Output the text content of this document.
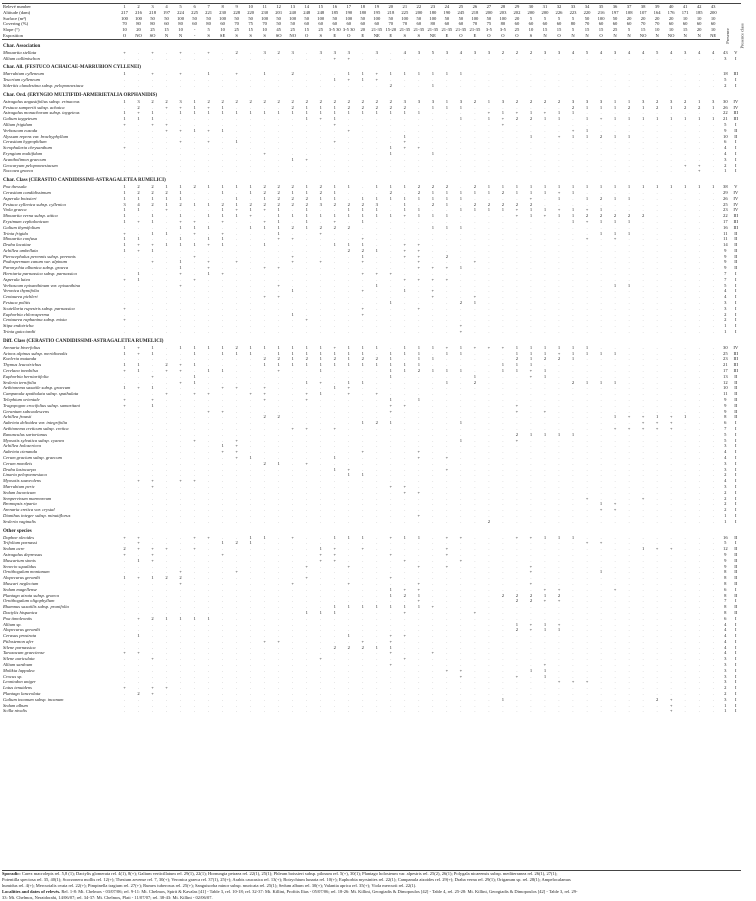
Relevé number	1	2	3	4	5	6	7	8	9	10	11	12	13	14	15	16	17	18	19	20	21	22	23	24	25	26	27	28	29	30	31	32	33	34	35	36	37	38	39	40	41	42	43	Presence	Presence class
Altitude (dam)	217	216	218	197	224	225	221	230	228	220	230	201	240	248	248	185	190	180	195	218	225	200	180	190	245	218	200	203	202	200	200	226	223	220	216	197	108	107	164	176	171	185	200		
Surface (m²)	100	100	50	50	100	50	50	100	50	50	100	50	100	50	100	50	100	50	100	50	100	50	100	50	50	100	50	100	20	5	5	5	5	50	100	50	20	20	20	20	10	10	10		
Covering (%)	70	80	80	60	80	60	80	60	70	75	70	50	50	60	60	60	60	60	60	70	70	60	80	60	60	70	75	80	60	60	60	60	80	70	60	60	60	70	70	60	60	60	60		
Slope (°)	10	20	25	15	10	-	5	10	25	15	10	45	25	15	25	3-5 30	3-5 30	20	21-35	15-20	21-35	21-35	21-35	21-35	21-35	21-35	3-5	3-5	25	10	15	15	5	15	15	25	5	15	10	10	15	20	10		
Exposition	O	NO	SO	N	N	-	S	SE	S	S	S	SO	NO	O	S	E	O	E	NE	E	S	S	NE	E	O	E	O	O	O	S	N	O	N	N	O	N	N	NO	N	NO	N	N	NE		

Char. Association																																													
Minuartia stellata	+	.	+	.	+	.	+	.	2	.	3	2	3	.	3	3	3	.	3	.	4	3	5	3	4	3	3	2	2	2	3	3	4	5	4	3	4	4	5	4	3	4	4	43	V
Allium callimischon	.	.	.	.	.	.	.	.	.	.	.	.	.	.	.	+	+	.	.	.	.	.	.	.	.	.	.	.	.	.	.	.	.	.	.	.	.	.	.	.	.	.	.	3	I

Char. All. (FESTUCO ACHAICAE-MARRUBION CYLLENEI)																																													
Marrubium cylleneum	1	.	+	.	+	.	1	.	+	.	1	.	2	.	.	.	1	1	+	1	1	1	1	1	1	.	.	.	.	.	.	.	.	.	.	.	.	.	.	.	.	.	.	18	III
Teucrium cylleneum	.	.	.	.	.	.	.	.	.	.	.	.	.	.	.	1	+	1	+	.	.	.	.	.	.	.	.	.	.	.	.	.	.	.	.	.	.	.	.	.	.	.	.	5	I
Sideritis clandestina subsp. peloponnesiaca	.	.	.	.	.	.	.	.	.	.	.	.	.	.	.	.	.	.	.	2	.	.	1	.	.	.	.	.	.	.	.	.	.	.	.	.	.	.	.	.	.	.	.	2	I

Char. Ord. (ERYNGIO MULTIFIDI-ARMERIETALIA ORPHANIDIS)																																													
Astragalus angustifolius subsp. erinaceus	1	3	2	2	3	1	2	2	2	2	2	2	2	2	2	2	2	2	2	2	3	3	3	1	3	2	1	3	2	2	2	2	3	3	3	1	1	3	2	3	2	1	3	30	IV
Festuca sumpertii subsp. achaica	.	2	.	+	+	1	+	1	.	.	.	.	2	1	1	1	2	2	2	2	2	.	1	1	1	.	.	.	.	.	.	.	2	1	1	1	2	1	2	1	2	2	1	26	IV
Astragalus monachorum subsp. taygeteus	1	+	1	.	1	1	1	1	1	1	1	1	1	1	1	1	1	1	1	1	1	1	.	.	.	.	+	1	+	1	+	1	1	.	.	.	.	.	.	.	.	.	.	22	III
Galium taygeteum	1	1	1	.	.	.	.	.	.	.	.	.	.	1	+	1	.	.	.	.	.	.	.	.	1	.	1	+	2	2	1	1	.	1	+	1	1	1	1	1	1	1	1	21	III
Allium frigidum	+	.	+	+	.	.	.	.	.	.	.	.	.	.	.	+	.	.	.	.	.	.	.	.	.	.	.	+	.	.	.	.	.	.	.	.	.	.	.	.	.	.	.	5	I
Verbascum eusoda	.	.	.	+	+	1	+	1	.	.	.	.	.	.	.	.	+	.	.	.	.	.	.	.	.	.	.	.	.	.	.	.	+	1	.	.	.	.	.	.	.	.	.	9	II
Alyssum repens var. brachyphyllum	.	.	.	.	.	.	.	.	.	.	.	.	.	.	.	.	.	.	.	.	1	.	.	.	.	.	.	.	.	1	.	+	1	1	2	1	1	.	.	.	.	.	.	10	II
Cerastium hygrophilum	.	.	.	.	+	.	+	.	1	.	.	.	.	.	.	+	.	.	.	.	+	.	.	.	.	.	.	.	.	.	.	.	.	.	.	.	.	.	.	.	.	.	.	6	I
Scrophularia chrysanthum	+	.	.	.	.	.	.	.	.	.	.	.	.	.	.	.	.	.	.	1	+	+	.	.	.	.	.	.	.	.	.	.	.	.	.	.	.	.	.	.	.	.	.	4	I
Eryngium multifidum	.	.	.	.	.	.	.	.	.	.	+	.	.	.	.	.	.	.	.	1	.	.	1	.	.	.	.	.	.	.	.	.	.	.	.	.	.	.	.	.	.	.	.	4	I
Acantholimon graecum	.	.	.	.	.	.	.	.	.	.	.	.	1	+	.	.	.	.	.	.	.	.	.	.	.	.	.	.	.	.	.	.	.	.	.	.	.	.	.	.	.	.	.	3	I
Geocaryum peloponnesiacum	.	.	.	.	.	.	.	.	.	.	.	.	.	.	.	.	.	.	.	.	.	.	.	.	.	.	.	.	.	.	.	.	.	.	.	.	.	.	.	.	+	+	.	2	I
Noccaea graeca	.	.	.	.	.	.	.	.	.	.	.	.	.	.	.	.	.	.	.	.	.	.	.	.	.	.	.	.	.	.	.	.	.	.	.	.	.	.	.	.	.	+	.	1	I

Char. Class (CERASTIO CANDIDISSIMI-ASTRAGALETEA RUMELICI)																																													
Poa thessala	1	2	2	1	1	2	1	1	1	1	2	2	2	1	2	1	1	.	1	1	1	2	2	2	.	2	1	1	1	1	1	1	1	1	1	1	1	1	1	1	1	1	1	38	V
Cerastium candidissimum	1	2	2	2	1	.	.	1	.	1	2	2	1	1	2	1	.	.	.	2	.	2	1	1	1	1	1	2	1	1	1	+	1	.	.	.	.	.	.	.	.	.	.	29	IV
Asperula boissieri	1	1	1	1	1	.	.	.	1	.	1	2	2	2	1	1	.	1	1	1	1	1	1	1	1	.	.	.	.	+	.	1	.	1	2	1	1	.	.	.	.	.	.	26	IV
Festuca cyllenica subsp. cyllenica	3	4	2	1	2	1	1	2	1	2	2	2	2	2	3	2	2	2	3	.	1	.	2	1	.	2	2	2	2	2	.	.	.	.	.	.	.	.	.	.	.	.	.	25	IV
Viola graeca	1	1	.	+	.	.	.	1	+	1	+	1	.	1	.	.	1	1	1	.	1	1	.	.	1	1	1	1	+	1	1	+	1	+	1	.	.	.	.	.	.	.	.	23	IV
Minuartia verna subsp. attica	1	.	1	.	1	.	1	1	1	+	.	1	1	1	1	1	1	1	1	1	+	1	1	1	.	.	.	.	+	1	+	1	1	2	2	2	2	2	.	.	.	.	.	22	III
Erysimum cephalonicum	1	+	1	.	+	+	.	+	.	.	+	1	.	1	.	+	.	1	.	.	.	.	.	.	.	.	.	.	.	.	.	.	1	+	1	1	1	.	.	.	.	.	.	17	III
Galium thymifolium	.	.	.	.	1	1	1	.	.	1	1	1	2	1	2	2	2	.	.	.	.	.	1	1	1	.	.	.	.	.	.	.	.	.	.	.	.	.	.	.	.	.	.	16	III
Trinia frigida	+	.	1	1	.	+	.	+	.	.	.	1	.	.	+	.	.	.	.	.	.	.	.	.	.	.	.	.	.	.	.	.	.	.	1	1	1	.	.	.	.	.	.	11	II
Minuartia confusa	1	1	.	.	1	.	1	1	.	.	.	+	+	.	.	.	.	+	.	.	.	.	.	.	.	.	.	.	.	.	.	.	.	+	.	+	.	.	.	.	.	.	.	11	II
Draba lacaitae	1	+	+	1	1	1	+	1	.	.	1	.	.	.	.	1	1	1	.	.	+	+	.	.	.	.	.	.	.	.	.	.	.	.	.	.	.	.	.	.	.	.	.	14	II
Achillea umbellata	1	+	1	.	.	.	.	.	.	.	.	.	.	.	.	.	2	2	1	.	+	+	.	.	.	.	.	.	.	.	.	.	.	.	.	.	.	.	.	.	.	.	.	9	II
Pterocephalus perennis subsp. perennis	.	.	.	.	.	+	.	.	.	.	.	.	+	.	.	.	.	1	.	.	+	+	.	2	.	.	.	.	.	.	.	.	.	.	.	.	.	.	.	.	.	.	.	9	II
Podospermum canum var. alpinum	.	.	+	.	1	.	+	.	+	.	.	.	+	.	+	.	.	+	.	.	.	+	.	.	.	+	.	.	.	.	.	.	.	.	.	.	.	.	.	.	.	.	.	9	II
Paronychia albanica subsp. graeca	.	.	.	.	1	.	+	.	.	.	+	+	.	.	.	.	.	.	.	.	.	+	+	+	1	.	.	.	.	.	.	.	.	.	.	.	.	.	.	.	.	.	.	9	II
Herniaria parnassica subsp. parnassica	.	1	.	.	+	.	1	+	.	.	.	.	.	.	.	.	.	+	+	+	.	.	.	.	.	.	.	.	.	.	.	.	.	.	.	.	.	.	.	.	.	.	.	7	I
Asperula lutea	+	1	.	.	.	+	.	.	.	.	.	.	.	.	.	.	.	.	.	.	+	+	+	+	.	.	.	.	.	.	.	.	.	.	.	.	.	.	.	.	.	.	.	7	I
Verbascum epixanthinum var. epixanthina	.	.	.	.	+	.	.	.	.	.	.	+	.	.	.	.	.	.	1	.	.	.	.	.	.	.	.	.	.	.	.	.	.	.	.	1	1	.	.	.	.	.	.	5	I
Veronica thymifolia	.	.	.	.	.	.	.	.	.	.	.	.	1	.	.	.	.	+	.	.	1	.	+	.	.	.	.	.	.	.	.	.	.	.	.	.	.	.	.	.	.	.	.	4	I
Centaurea pichleri	.	.	.	.	.	.	.	.	.	.	+	+	.	.	.	.	.	.	.	.	.	.	+	.	.	+	.	.	.	.	.	.	.	.	.	.	.	.	.	.	.	.	.	4	I
Festuca politis	.	.	.	.	.	.	.	.	.	.	.	.	.	.	.	.	.	.	.	1	.	.	.	.	2	1	.	.	.	.	.	.	.	.	.	.	.	.	.	.	.	.	.	3	I
Scutellaria rupestris subsp. parnassica	+	.	.	.	.	.	.	.	.	.	.	.	.	.	.	.	.	+	.	.	.	+	.	.	.	.	.	.	.	.	.	.	.	.	.	.	.	.	.	.	.	.	.	3	I
Euphorbia chlorosperma	.	.	.	.	.	.	.	.	.	.	.	.	1	.	.	.	.	+	.	.	.	.	.	.	.	.	.	.	.	.	.	.	.	.	.	.	.	.	.	.	.	.	.	2	I
Centaurea raphanina subsp. mixta	+	.	.	.	.	.	.	.	.	.	.	.	.	+	.	.	.	.	.	.	.	.	.	.	.	.	.	.	.	.	.	.	.	.	.	.	.	.	.	.	.	.	.	2	I
Stipa endotricha	.	.	.	.	.	.	.	.	.	.	.	.	.	.	.	.	.	.	.	.	.	.	.	.	+	.	.	.	.	.	.	.	.	.	.	.	.	.	.	.	.	.	.	1	I
Trinia guicciardii	.	.	.	.	.	.	.	.	.	.	.	.	.	.	.	.	.	.	.	.	.	.	.	.	+	.	.	.	.	.	.	.	.	.	.	.	.	.	.	.	.	.	.	1	I

Diff. Class (CERASTIO CANDIDISSIMI-ASTRAGALETEA RUMELICI)																																													
Arenaria biverfolius	1	+	1	.	1	1	1	1	2	1	1	1	1	1	1	+	1	1	1	.	1	1	1	+	1	+	+	+	1	1	1	1	1	1	.	.	.	.	.	.	.	.	.	30	IV
Acinos alpinus subsp. meridionalis	1	+	1	.	.	1	.	1	1	1	.	1	1	1	1	1	1	1	.	1	1	1	.	1	1	.	.	.	1	1	1	+	1	1	1	1	.	.	.	.	.	.	.	25	III
Koeleria mutanda	.	.	.	.	.	.	.	.	.	.	2	2	1	2	1	2	1	2	2	1	.	1	1	.	.	.	.	.	2	1	2	2	1	.	.	.	.	.	.	.	.	.	.	23	III
Thymus leucotrichus	1	1	.	2	+	1	.	.	.	.	1	1	1	1	1	1	1	1	1	1	1	1	.	.	.	.	.	1	1	1	.	.	.	.	.	.	.	.	.	.	.	.	.	21	III
Cerelaea innobilsa	+	1	.	+	+	.	1	1	.	.	.	+	.	.	1	.	.	.	.	1	1	2	1	1	1	.	.	1	1	+	1	.	.	.	.	.	.	.	.	.	.	.	.	17	III
Euphorbia herniariifolia	.	.	+	.	.	1	.	.	.	.	.	.	.	.	.	.	.	.	.	1	.	.	.	.	.	1	.	.	.	+	1	.	.	.	.	.	.	.	.	.	.	.	.	13	II
Sesleria ternifolia	.	.	.	.	+	1	.	.	.	.	.	.	.	1	+	.	1	1	.	.	.	.	.	1	.	2	.	.	.	.	.	.	2	1	1	1	.	.	.	.	.	.	.	12	II
Aethionema saxatile subsp. graecum	1	+	1	.	.	.	.	+	+	.	+	.	.	.	.	1	+	.	.	.	.	.	.	.	.	.	.	.	.	.	.	.	.	.	.	.	.	.	.	.	.	.	.	10	II
Campanula spathulata subsp. spathulata	.	.	.	+	.	+	+	.	.	+	+	.	.	+	1	.	+	.	+	.	.	.	.	.	.	.	.	.	.	.	.	.	.	.	.	.	.	.	.	.	.	.	.	11	II
Telephium orientale	+	.	+	.	.	.	.	.	.	.	+	.	.	+	.	.	.	.	.	1	.	1	.	.	.	.	.	.	.	.	.	.	.	.	.	.	.	.	.	.	.	.	.	9	II
Tragopogon crocifolius subsp. samaritani	+	.	1	.	.	.	.	.	.	.	.	.	.	.	.	.	.	.	.	+	+	.	.	.	.	.	.	.	+	.	.	.	.	.	.	.	.	.	.	.	.	.	.	9	II
Geranium subcaulescens	.	.	.	.	.	.	+	+	.	.	.	.	.	.	.	.	.	.	.	+	.	.	.	.	.	.	.	.	+	.	+	.	.	.	.	.	.	.	.	.	.	.	.	9	II
Achillea fraasii	.	.	.	.	.	.	.	.	.	.	2	2	.	.	.	.	.	.	.	.	.	.	.	.	.	.	.	.	.	.	.	.	.	.	.	1	+	+	1	+	1	.	.	8	II
Aubrieta deltoidea var. integrifolia	.	.	.	.	.	.	.	.	.	.	.	.	.	.	.	.	.	1	2	1	.	.	.	.	1	.	.	.	.	.	.	.	.	.	.	.	.	+	+	+	.	.	.	6	I
Aethionema creticum subsp. cretica	.	.	.	.	.	.	.	.	.	.	.	.	+	+	.	+	.	.	.	.	.	.	.	.	.	.	.	.	.	.	.	.	.	.	.	+	+	+	+	+	.	.	.	7	I
Ranunculus sartorianus	.	.	.	.	.	.	.	.	.	.	.	.	.	.	.	.	.	.	.	.	.	.	.	.	.	.	.	.	2	1	1	1	1	.	.	.	.	.	.	.	.	.	.	5	I
Myosotis sylvatica subsp. cyanea	.	.	.	.	.	+	.	.	+	.	.	.	.	.	.	.	.	.	.	.	.	.	.	.	1	.	.	.	+	.	.	.	.	.	.	.	.	.	.	.	.	.	.	5	I
Achillea holosericea	.	.	.	.	.	.	.	1	+	.	.	.	.	.	.	.	.	.	.	.	.	.	.	.	.	.	.	.	.	.	.	.	.	.	.	.	.	.	.	.	.	.	.	3	I
Aubrieta ctenanda	.	.	.	.	.	.	.	+	+	.	.	.	.	.	.	.	.	+	.	.	.	+	.	.	.	.	.	.	.	.	.	.	.	.	.	.	.	.	.	.	.	.	.	4	I
Cerum gracium subsp. graecum	.	.	.	.	.	.	.	.	+	1	.	.	.	.	.	1	.	.	.	.	.	+	.	+	.	.	.	.	.	.	.	.	.	.	.	.	.	.	.	.	.	.	.	4	I
Cerum montleis	.	.	.	.	.	.	.	.	.	.	2	1	.	+	.	.	.	.	.	.	.	.	.	.	.	.	.	.	.	.	.	.	.	.	.	.	.	.	.	.	.	.	.	3	I
Draba lasiocarpa	.	.	.	.	.	.	.	.	.	.	.	.	.	.	.	1	+	.	.	.	.	.	.	+	.	.	.	.	.	.	.	.	.	.	.	.	.	.	.	.	.	.	.	3	I
Linaria peloponnesiaca	.	.	.	.	.	.	.	.	.	.	.	.	.	.	.	.	1	1	.	.	.	.	.	.	.	.	.	.	.	.	.	.	.	.	.	.	.	.	.	.	.	.	.	2	I
Myosotis suaveolens	.	+	+	.	+	+	.	.	.	.	.	.	.	.	.	.	.	.	.	.	.	.	.	.	.	.	.	.	.	.	.	.	.	.	.	.	.	.	.	.	.	.	.	4	I
Marrubium peric	.	.	+	.	.	.	.	.	.	.	.	.	.	.	.	.	.	.	.	+	+	.	.	.	.	.	.	.	.	.	.	.	.	.	.	.	.	.	.	.	.	.	.	3	I
Sedum laconicum	.	.	.	.	.	.	.	.	.	.	.	.	.	.	.	.	.	.	.	.	+	+	.	.	.	.	.	.	.	.	.	.	.	.	.	.	.	.	.	.	.	.	.	2	I
Sempervivum marmoreum	.	.	.	.	.	.	.	.	.	.	.	.	.	.	.	.	.	.	.	.	.	.	.	.	.	.	.	.	.	.	.	.	.	+	.	.	.	+	.	.	.	.	.	2	I
Bromopsis riparia	.	.	.	.	.	.	.	.	.	.	.	.	.	.	.	.	.	.	.	.	.	.	.	.	.	.	.	.	.	.	.	.	.	.	1	+	.	.	.	.	.	.	.	2	I
Arenaria cretica var. crystal	.	.	.	.	.	.	.	.	.	.	.	.	.	.	.	.	.	.	.	.	.	.	.	.	.	.	.	.	.	.	.	.	.	.	+	+	.	.	.	.	.	.	.	2	I
Dianthus integer subsp. minutiflorus	.	.	.	.	.	.	.	.	.	.	.	.	.	.	.	.	.	.	.	.	.	+	.	.	.	.	.	.	.	.	.	.	.	.	.	.	.	.	.	.	.	.	.	1	I
Sesleria vaginalis	.	.	.	.	.	.	.	.	.	.	.	.	.	.	.	.	.	.	.	.	.	.	.	.	.	.	2	.	.	.	.	.	.	.	.	.	.	.	.	.	.	.	.	1	I

Other species																																													
Daphne oleoides	+	+	.	.	.	+	+	.	.	1	1	.	+	.	.	1	1	1	.	+	1	1	.	+	+	.	.	.	+	+	1	1	1	.	.	.	.	.	.	.	.	.	.	16	II
Trifolium parnassi	.	+	.	.	.	.	.	1	2	1	.	.	.	.	.	.	.	.	.	.	.	.	.	.	.	.	.	.	.	.	.	.	.	+	+	.	.	.	.	.	.	.	.	5	I
Sedum acre	2	+	+	+	.	+	.	.	.	.	.	.	.	.	1	+	.	+	.	.	.	.	.	+	.	.	.	.	.	.	.	.	.	.	.	.	.	1	+	+	.	.	.	12	II
Astragalus depressus	+	.	+	.	.	.	.	+	.	.	.	.	.	.	+	+	.	.	.	+	.	.	.	+	.	.	.	.	.	.	.	.	.	.	.	.	.	.	.	.	.	.	.	9	II
Muscarium sinnis	.	1	+	.	.	.	.	.	.	.	.	.	.	.	+	+	.	.	.	.	+	.	.	.	+	.	.	.	.	.	.	.	.	.	.	.	.	.	.	.	.	.	.	9	II
Senecio squalidus	.	.	.	.	.	.	.	.	.	.	.	.	.	+	.	.	+	.	.	.	.	+	.	+	.	.	.	.	.	+	.	.	.	.	.	.	.	.	.	.	.	.	.	9	II
Ornithogalum montanum	.	.	.	.	+	.	.	.	+	.	.	.	.	.	.	.	.	.	.	.	.	.	.	.	.	.	.	.	.	+	.	.	.	.	1	.	.	.	.	.	.	.	.	8	II
Alopecurus gerardii	1	+	1	2	2	.	.	.	.	.	.	.	.	+	.	.	.	.	.	+	.	.	.	.	.	.	.	.	.	.	.	.	.	.	.	.	.	.	.	.	.	.	.	8	II
Muscari neglectum	.	.	.	.	+	.	.	.	.	.	.	.	+	.	.	.	+	.	.	.	.	+	.	.	.	.	.	.	.	+	.	.	.	.	.	.	.	.	.	.	.	.	.	8	II
Sedum magellense	.	.	.	.	.	.	.	.	.	.	.	.	.	.	.	.	.	.	.	1	+	+	.	.	.	.	.	.	.	.	+	+	.	.	.	+	.	.	.	.	.	.	.	6	I
Plantago atrata subsp. graeca	.	.	.	.	.	.	.	.	.	.	.	.	.	.	.	.	.	.	.	1	2	1	.	.	.	.	.	2	2	2	1	2	.	.	.	.	.	.	.	.	.	.	.	8	II
Ornithogalum oligophyllum	.	.	.	.	.	.	.	.	.	.	.	.	.	.	.	.	.	.	.	.	.	+	.	.	.	.	.	.	2	2	+	+	.	.	.	.	.	.	.	.	.	.	.	7	I
Rhamnus saxatilis subsp. prunifolia	.	.	.	.	.	.	.	.	.	.	.	.	.	.	.	1	1	1	1	1	1	1	+	.	.	.	.	.	.	.	.	.	.	.	.	.	.	.	.	.	.	.	.	8	II
Dactylis hispanica	.	.	.	.	.	.	.	.	.	.	.	.	.	1	1	1	.	.	.	.	+	.	.	.	.	+	.	.	.	.	.	.	.	.	.	.	.	.	.	.	.	.	.	8	II
Poa timoleontis	.	+	2	1	1	1	1	.	.	.	.	.	.	.	.	.	.	.	.	.	.	.	.	.	.	.	.	.	.	.	.	.	.	.	.	.	.	.	.	.	.	.	.	6	I
Allium sp.	.	.	.	.	.	.	.	.	.	.	.	.	.	.	.	.	.	.	.	.	.	.	.	.	.	.	.	.	1	+	1	+	.	.	.	.	.	.	.	.	.	.	.	4	I
Alopecurus gerardii	.	.	.	.	.	.	.	.	.	.	.	.	.	.	.	.	.	.	.	.	.	.	.	.	.	.	.	.	2	+	1	1	.	.	.	.	.	.	.	.	.	.	.	4	I
Cerasus prostrata	.	1	.	.	.	.	.	.	.	.	.	.	.	.	.	.	1	.	.	+	+	.	.	.	.	.	.	.	.	.	.	.	.	.	.	.	.	.	.	.	.	.	.	4	I
Ptilostemon afer	.	.	.	.	.	.	.	.	.	.	+	+	.	.	.	.	.	+	.	+	.	.	.	.	.	.	.	.	.	.	.	.	.	.	.	.	.	.	.	.	.	.	.	4	I
Silene parnassica	.	.	.	.	.	.	.	.	.	.	.	.	.	.	.	2	2	2	1	1	.	.	.	.	.	.	.	.	.	.	.	.	.	.	.	.	.	.	.	.	.	.	.	4	I
Taraxacum graeciense	+	+	.	.	.	.	.	.	.	.	.	.	.	.	.	.	.	.	.	+	.	.	+	.	.	.	.	.	.	.	.	.	.	.	.	.	.	.	.	.	.	.	.	4	I
Silene auriculata	.	.	+	.	.	.	.	.	.	.	.	.	.	.	+	.	.	.	.	.	+	.	.	.	.	.	.	.	.	.	.	.	.	.	.	.	.	.	.	.	.	.	.	3	I
Allium sardoum	.	.	.	.	.	.	.	.	.	.	.	.	.	.	.	.	.	.	.	+	.	.	.	.	.	.	.	.	.	.	+	.	.	.	.	.	.	.	.	.	.	.	.	3	I
Moltkia lappulea	.	.	.	.	.	.	.	.	.	.	.	.	.	.	.	.	.	.	.	.	.	.	.	+	+	.	.	.	.	1	1	.	.	.	.	.	.	.	.	.	.	.	.	3	I
Crocus sp.	.	.	.	.	.	.	.	.	.	.	.	.	.	.	.	.	.	.	.	.	.	.	.	.	+	.	.	.	+	.	1	.	.	.	.	.	.	.	.	.	.	.	.	3	I
Leontodon uniger	.	.	.	.	.	.	.	.	.	.	.	.	.	.	.	.	.	.	.	.	.	.	.	.	.	.	.	.	.	.	.	+	+	+	.	.	.	.	.	.	.	.	.	3	I
Lotus tenuidens	+	.	+	+	.	.	.	.	.	.	.	.	.	.	.	.	.	.	.	.	.	.	.	.	.	.	.	.	.	.	.	.	.	.	.	.	.	.	.	.	.	.	.	2	I
Plantago lanceolata	.	2	+	.	.	.	.	.	.	.	.	.	.	.	.	.	.	.	.	.	.	.	.	.	.	.	.	.	.	.	.	.	.	.	.	.	.	.	.	.	.	.	.	2	I
Galium incanum subsp. incanum	.	.	.	.	.	.	.	.	.	.	.	.	.	.	.	.	.	.	.	.	.	.	.	.	.	.	.	1	.	.	.	.	.	.	.	.	.	.	2	+	.	.	.	3	I
Sedum album	.	.	.	.	.	.	.	.	.	.	.	.	.	.	.	.	.	.	.	.	.	.	.	.	.	.	.	.	.	.	.	.	.	.	.	.	.	.	.	+	.	.	.	1	I
Scilla nivalis	.	.	.	.	.	.	.	.	.	.	.	.	.	.	.	.	.	.	.	.	.	.	.	.	.	.	.	.	.	.	.	.	.	.	.	.	.	.	.	+	.	.	.	1	I

Sporadic: Carex macrolepis rel. 5,8 (1); Dactylis glomerata rel. 4(1), 8(+); Galium verticillatum rel. 29(1), 22(1); Hornungia petraea rel. 22(1), 25(1); Phleum boissieri subsp. pilosum rel. 5(+), 30(1); Plantago holosteum var. alpestris rel. 25(2), 26(1); Polygala nicaeensis subsp. mediterranea rel. 26(1), 27(1);

Potentilla speciosa rel. 35, 40(1); Scorzonera mollis rel. 12(+); Thesium arvense rel. 7, 30(+); Veronica graeca rel. 37(1), 25(+); Arabis caucasica rel. 13(+); Botrychium lunaria rel. 10(+); Euphorbia myrsinites rel. 22(1); Campanula aizoides rel. 29(+); Draba verna rel. 29(1); Origanum sp. rel. 28(1); Ampelocalamus

humidus rel. 4(+); Mercurialis ovata rel. 22(+); Pimpinella tragium rel. 27(+); Rumex tuberosus rel. 25(+); Sanguisorba minor subsp. muricata rel. 25(1); Sedum album rel. 30(+); Valantia aprica rel. 35(+); Viola mercurii rel. 22(1).

Localities and dates of relevés. Rel. 1-8: Mt. Chelmos - 03/07/06; rel. 9-11: Mt. Chelmos, Spirit & Kavalas [41] - Table 3, rel. 10-18; rel. 32-37: Mt. Killini, Profitis Ilias - 05/07/06; rel. 18-26: Mt. Killini, Georgiadis & Dimopoulos [42] - Table 4, rel. 25-28: Mt. Killini, Georgiadis & Dimopoulos [42] - Table 3, rel. 29-

33: Mt. Chelmos, Neraidorahi, 14/06/07; rel. 34-37: Mt. Chelmos, Plati - 11/07/07; rel. 38-43: Mt. Killini - 02/06/07.
